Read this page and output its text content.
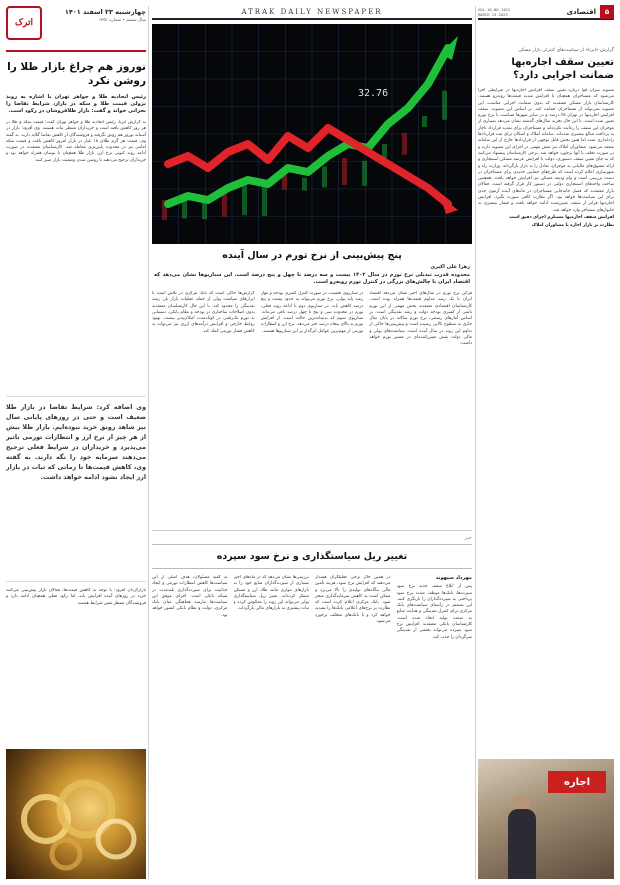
چهارشنبه ۲۳ اسفند ۱۴۰۱
سال ششم • شماره ۱۴۵۱
اترک
نوروز هم چراغ بازار طلا را روشن نکرد
رئیس اتحادیه طلا و جواهر تهران با اشاره به روند نزولی قیمت طلا و سکه در بازار، شرایط تقاضا را بحرانی خواند و گفت: بازار طلافروشان در رکود است.

به گزارش ایرنا، رئیس اتحادیه طلا و جواهر تهران گفت: قیمت سکه و طلا در هر روز کاهش یافته است و خریداران منتظر ثبات هستند. وی افزود: بازار در آستانه نوروز هم رونق نگرفته و فروشندگان از کاهش تقاضا گلایه دارند. به گفته وی، قیمت هر گرم طلای ۱۸ عیار در بازار امروز کاهش یافت و قیمت سکه امامی نیز در محدوده پایین‌تری معامله شد. کارشناسان معتقدند در صورت ادامه روند کنونی نرخ ارز، بازار طلا همچنان با نوسان همراه خواهد بود و خریداران ترجیح می‌دهند تا روشن شدن وضعیت بازار صبر کنند.

وی اضافه کرد: شرایط تقاضا در بازار طلا ضعیف است و حتی در روزهای پایانی سال نیز شاهد رونق خرید نبوده‌ایم. بازار طلا بیش از هر چیز از نرخ ارز و انتظارات تورمی تاثیر می‌پذیرد و خریداران در شرایط فعلی ترجیح می‌دهند سرمایه خود را نگه دارند. به گفته وی، کاهش قیمت‌ها تا زمانی که ثبات در بازار ارز ایجاد نشود ادامه خواهد داشت.

بازارگردان افزود: با توجه به کاهش قیمت‌ها، فعالان بازار پیش‌بینی می‌کنند خرید در روزهای آینده افزایش یابد، اما رکود فعلی همچنان ادامه دارد و فروشندگان منتظر تغییر شرایط هستند.

ATRAK DAILY NEWSPAPER
32.76
پنج پیش‌بینی از نرخ تورم در سال آینده
زهرا علی اکبری
محدوده قدرت تبدیلی نرخ تورم در سال ۱۴۰۲ بیست و سه درصد تا چهل و پنج درصد است. این سناریوها نشان می‌دهد که اقتصاد ایران با چالش‌های بزرگی در کنترل تورم روبه‌رو است.

قرائن نرخ تورم در سال‌های اخیر نشان می‌دهد اقتصاد ایران با یک رشد مداوم قیمت‌ها همراه بوده است. کارشناسان اقتصادی معتقدند بخش مهمی از این تورم ناشی از کسری بودجه دولت و رشد نقدینگی است. بر اساس آمارهای رسمی، نرخ تورم سالانه در پایان سال جاری به سطوح بالایی رسیده است و پیش‌بینی‌ها حاکی از تداوم این روند در سال آینده است. سیاست‌های پولی و مالی دولت نقش تعیین‌کننده‌ای در مسیر تورم خواهد داشت.

در سناریوی نخست، در صورت کنترل کسری بودجه و مهار رشد پایه پولی، نرخ تورم می‌تواند به حدود بیست و پنج درصد کاهش یابد. در سناریوی دوم با ادامه روند فعلی، تورم در محدوده سی و پنج تا چهل درصد باقی می‌ماند. سناریوی سوم که بدبینانه‌ترین حالت است، از افزایش تورم به بالای پنجاه درصد خبر می‌دهد. نرخ ارز و انتظارات تورمی از مهم‌ترین عوامل اثرگذار بر این سناریوها هستند.

گزارش‌ها حاکی است که بانک مرکزی در تلاش است با ابزارهای سیاست پولی از جمله عملیات بازار باز، رشد نقدینگی را محدود کند. با این حال کارشناسان معتقدند بدون اصلاحات ساختاری در بودجه و نظام بانکی، دستیابی به تورم تک‌رقمی در کوتاه‌مدت امکان‌پذیر نیست. بهبود روابط خارجی و افزایش درآمدهای ارزی نیز می‌تواند به کاهش فشار تورمی کمک کند.

خبر
تغییر ریل سیاستگذاری و نرخ سود سپرده
مهرداد سپهوند

پس از ابلاغ سقف جدید نرخ سود سپرده‌ها، بانک‌ها موظف شدند نرخ سود پرداختی به سپرده‌گذاران را بازنگری کنند. این تصمیم در راستای سیاست‌های بانک مرکزی برای کنترل نقدینگی و هدایت منابع به سمت تولید اتخاذ شده است. کارشناسان بانکی معتقدند افزایش نرخ سود سپرده می‌تواند بخشی از نقدینگی سرگردان را جذب کند.

در همین حال برخی تحلیلگران هشدار می‌دهند که افزایش نرخ سود، هزینه تأمین مالی بنگاه‌های تولیدی را بالا می‌برد و ممکن است به کاهش سرمایه‌گذاری منجر شود. بانک مرکزی اعلام کرده است که نظارت بر نرخ‌های اعلامی بانک‌ها را تشدید خواهد کرد و با بانک‌های متخلف برخورد می‌شود.

بررسی‌ها نشان می‌دهد که در ماه‌های اخیر بسیاری از سپرده‌گذاران منابع خود را به بازارهای موازی مانند طلا، ارز و مسکن منتقل کرده‌اند. تغییر ریل سیاستگذاری پولی می‌تواند این روند را معکوس کرده و ثبات بیشتری به بازارهای مالی بازگرداند.

به گفته مسئولان، هدف اصلی از این سیاست‌ها کاهش انتظارات تورمی و ایجاد جذابیت برای سپرده‌گذاری بلندمدت در شبکه بانکی است. اجرای موفق این سیاست‌ها نیازمند هماهنگی میان بانک مرکزی، دولت و نظام بانکی کشور خواهد بود.

VOL.16,NO.1451
MARCH 13.2023	۵
اقتصادی
گزارش «ایرنا» از سیاست‌های کنترلی بازار مسکن
تعیین سقف اجاره‌بها ضمانت اجرایی دارد؟

مصوبه سران قوا درباره تعیین سقف افزایش اجاره‌بها در شرایطی اجرا می‌شود که مستاجران همچنان با افزایش شدید قیمت‌ها روبه‌رو هستند. کارشناسان بازار مسکن معتقدند که بدون ضمانت اجرایی مناسب، این مصوبه نمی‌تواند از مستاجران حمایت کند. بر اساس این مصوبه، سقف افزایش اجاره‌بها در تهران ۲۵ درصد و در سایر شهرها متناسب با نرخ تورم تعیین شده است. با این حال تجربه سال‌های گذشته نشان می‌دهد بسیاری از موجران این سقف را رعایت نکرده‌اند و مستاجران برای تمدید قرارداد ناچار به پرداخت مبالغ بیشتری شده‌اند. سامانه املاک و اسکان برای ثبت قراردادها راه‌اندازی شده اما هنوز بخش قابل توجهی از قراردادها خارج از این سامانه منعقد می‌شود. مشاوران املاک نیز نقش مهمی در اجرای این مصوبه دارند و در صورت تخلف با آنها برخورد خواهد شد. برخی کارشناسان پیشنهاد می‌کنند که به جای تعیین سقف دستوری، دولت با افزایش عرضه مسکن استیجاری و ارائه مشوق‌های مالیاتی به موجران، تعادل را به بازار بازگرداند. وزارت راه و شهرسازی اعلام کرده است که طرح‌های حمایتی جدیدی برای مستاجران در دست بررسی است و وام ودیعه مسکن نیز افزایش خواهد یافت. همچنین ساخت واحدهای استیجاری دولتی در دستور کار قرار گرفته است. فعالان بازار معتقدند که فصل جابه‌جایی مستاجران در ماه‌های آینده آزمون جدی برای این سیاست‌ها خواهد بود. اگر نظارت کافی صورت نگیرد، افزایش اجاره‌بها فراتر از سقف تعیین‌شده ادامه خواهد یافت و فشار بیشتری به خانوارهای مستاجر وارد خواهد شد.

افزایش سقف اجاره‌بها مستلزم اجرای دقیق است

نظارت بر بازار اجاره با مشاوران املاک

اجاره
